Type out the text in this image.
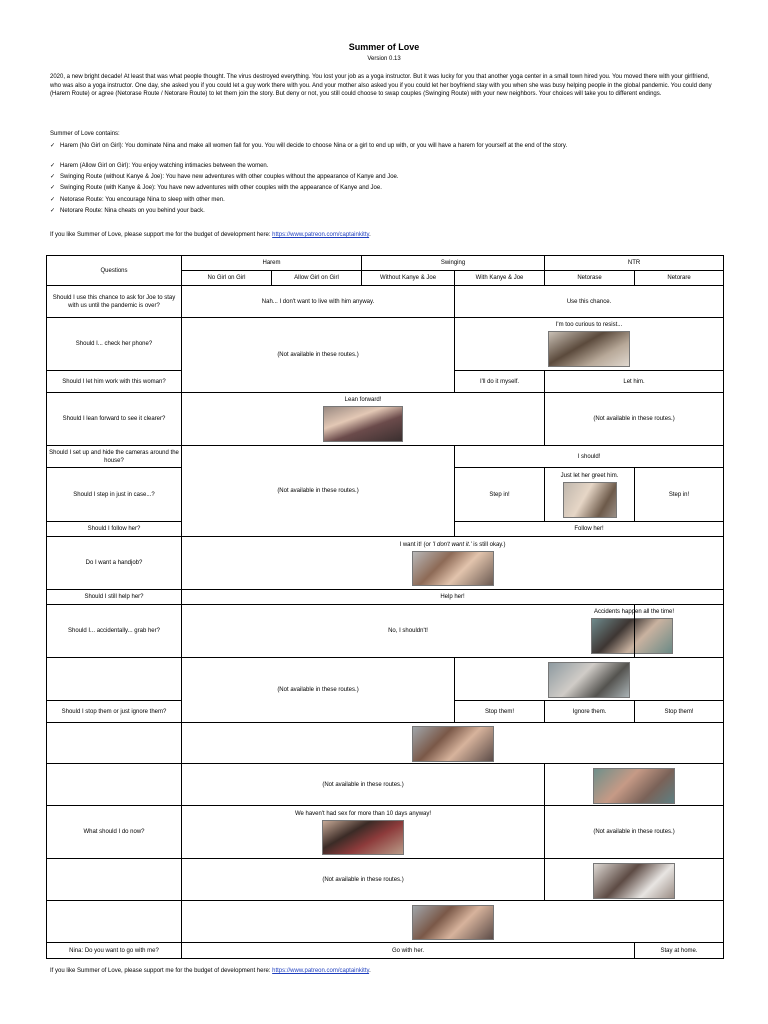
Summer of Love
Version 0.13
2020, a new bright decade! At least that was what people thought. The virus destroyed everything. You lost your job as a yoga instructor. But it was lucky for you that another yoga center in a small town hired you. You moved there with your girlfriend, who was also a yoga instructor. One day, she asked you if you could let a guy work there with you. And your mother also asked you if you could let her boyfriend stay with you when she was busy helping people in the global pandemic. You could deny (Harem Route) or agree (Netorase Route / Netorare Route) to let them join the story. But deny or not, you still could choose to swap couples (Swinging Route) with your new neighbors. Your choices will take you to different endings.
Summer of Love contains:
✓ Harem (No Girl on Girl): You dominate Nina and make all women fall for you. You will decide to choose Nina or a girl to end up with, or you will have a harem for yourself at the end of the story.
✓ Harem (Allow Girl on Girl): You enjoy watching intimacies between the women.
✓ Swinging Route (without Kanye & Joe): You have new adventures with other couples without the appearance of Kanye and Joe.
✓ Swinging Route (with Kanye & Joe): You have new adventures with other couples with the appearance of Kanye and Joe.
✓ Netorase Route: You encourage Nina to sleep with other men.
✓ Netorare Route: Nina cheats on you behind your back.
If you like Summer of Love, please support me for the budget of development here: https://www.patreon.com/captainkitty.
Questions	Harem		Swinging		NTR	
	No Girl on Girl	Allow Girl on Girl	Without Kanye & Joe	With Kanye & Joe	Netorase	Netorare
Should I use this chance to ask for Joe to stay with us until the pandemic is over?	Nah... I don't want to live with him anyway.			Use this chance.		
Should I... check her phone?	(Not available in these routes.)			I'm too curious to resist...		

Should I let him work with this woman?				I'll do it myself.	Let him.	
Should I lean forward to see it clearer?	Lean forward!				(Not available in these routes.)	
Should I set up and hide the cameras around the house?	(Not available in these routes.)			I should!		
Should I step in just in case...?				Step in!	Just let her greet him.	Step in!
Should I follow her?				Follow her!		
Do I want a handjob?	I want it! (or 'I don't want it.' is still okay.)					

Should I still help her?	Help her!					
Should I... accidentally... grab her?	No, I shouldn't!					Accidents happen all the time!

	(Not available in these routes.)					

Should I stop them or just ignore them?				Stop them!	Ignore them.	Stop them!

	(Not available in these routes.)					

What should I do now?	We haven't had sex for more than 10 days anyway!				(Not available in these routes.)	
	(Not available in these routes.)					

Nina: Do you want to go with me?	Go with her.					Stay at home.
If you like Summer of Love, please support me for the budget of development here: https://www.patreon.com/captainkitty.
